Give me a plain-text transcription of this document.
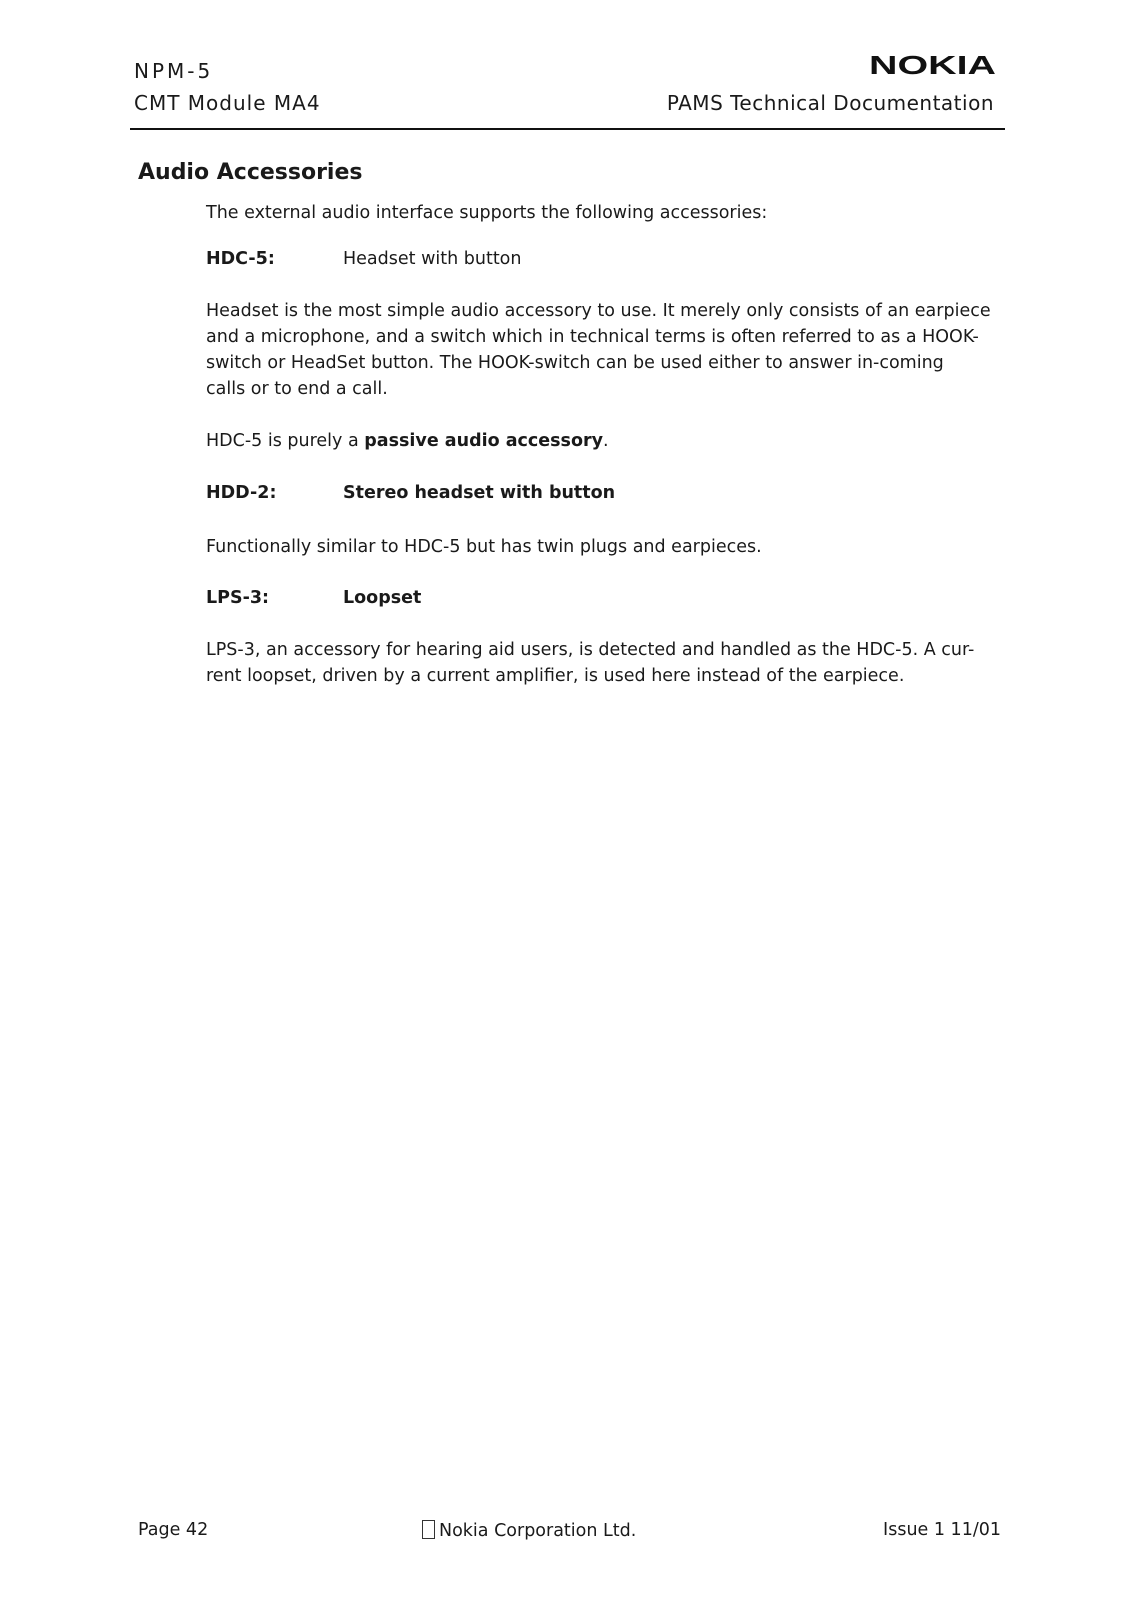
NPM-5
CMT Module MA4	PAMS Technical Documentation
NOKIA
Audio Accessories
The external audio interface supports the following accessories:
HDC-5:	Headset with button
Headset is the most simple audio accessory to use. It merely only consists of an earpiece
and a microphone, and a switch which in technical terms is often referred to as a HOOK-
switch or HeadSet button. The HOOK-switch can be used either to answer in-coming
calls or to end a call.
HDC-5 is purely a passive audio accessory.
HDD-2:	Stereo headset with button
Functionally similar to HDC-5 but has twin plugs and earpieces.
LPS-3:	Loopset
LPS-3, an accessory for hearing aid users, is detected and handled as the HDC-5. A cur-
rent loopset, driven by a current amplifier, is used here instead of the earpiece.
Page 42	Nokia Corporation Ltd.	Issue 1 11/01
